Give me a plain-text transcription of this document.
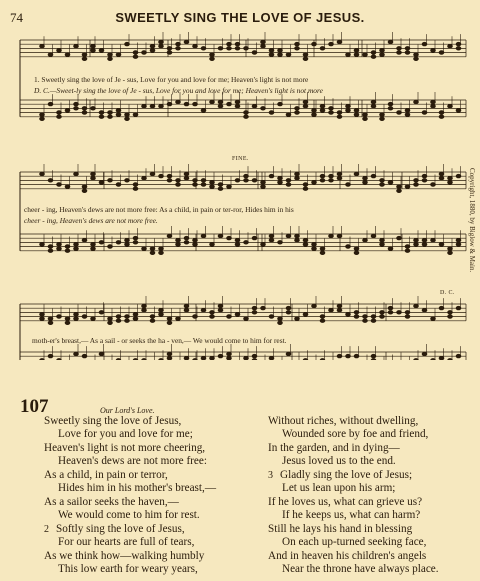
74	SWEETLY SING THE LOVE OF JESUS.
Copyright, 1880, by Biglow & Main.
FINE.
D. C.
1. Sweetly sing the love of Je - sus, Love for you and love for me; Heaven's light is not more
D. C.—Sweet-ly sing the love of Je - sus, Love for you and love for me; Heaven's light is not more
cheer - ing, Heaven's dews are not more free: As a child, in pain or ter-ror, Hides him in his
cheer - ing, Heaven's dews are not more free.
moth-er's breast,— As a sail - or seeks the ha - ven,— We would come to him for rest.
107	Our Lord's Love.
Sweetly sing the love of Jesus,
Love for you and love for me;
Heaven's light is not more cheering,
Heaven's dews are not more free:
As a child, in pain or terror,
Hides him in his mother's breast,—
As a sailor seeks the haven,—
We would come to him for rest.
2 Softly sing the love of Jesus,
For our hearts are full of tears,
As we think how—walking humbly
This low earth for weary years,
Without riches, without dwelling,
Wounded sore by foe and friend,
In the garden, and in dying—
Jesus loved us to the end.
3 Gladly sing the love of Jesus;
Let us lean upon his arm;
If he loves us, what can grieve us?
If he keeps us, what can harm?
Still he lays his hand in blessing
On each up-turned seeking face,
And in heaven his children's angels
Near the throne have always place.
